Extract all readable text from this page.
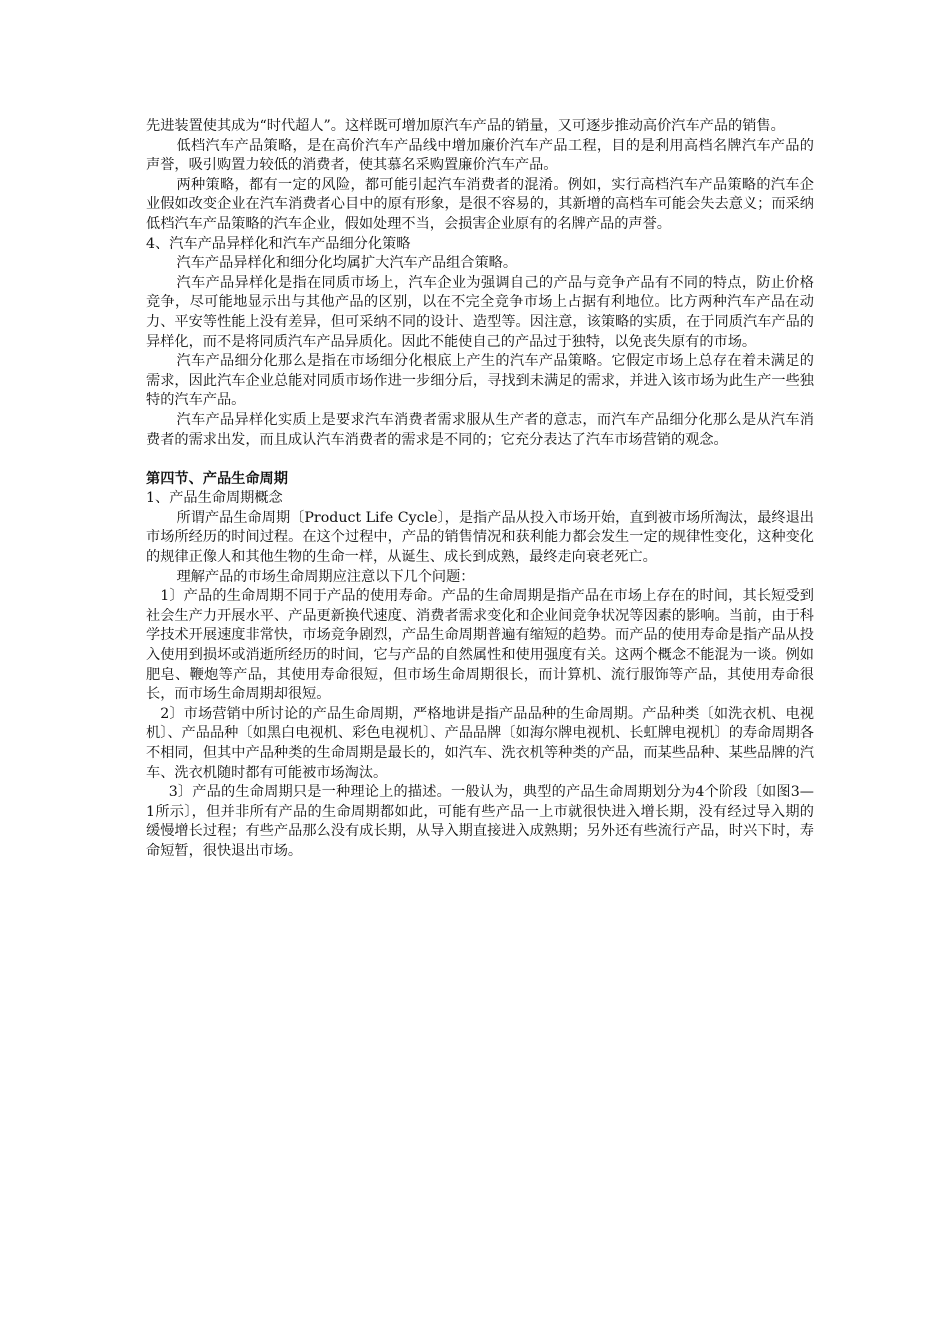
先进装置使其成为“时代超人”。这样既可增加原汽车产品的销量，又可逐步推动高价汽车产品的销售。

低档汽车产品策略，是在高价汽车产品线中增加廉价汽车产品工程，目的是利用高档名牌汽车产品的声誉，吸引购置力较低的消费者，使其慕名采购置廉价汽车产品。

两种策略，都有一定的风险，都可能引起汽车消费者的混淆。例如，实行高档汽车产品策略的汽车企业假如改变企业在汽车消费者心目中的原有形象，是很不容易的，其新增的高档车可能会失去意义；而采纳低档汽车产品策略的汽车企业，假如处理不当，会损害企业原有的名牌产品的声誉。

4、汽车产品异样化和汽车产品细分化策略

汽车产品异样化和细分化均属扩大汽车产品组合策略。

汽车产品异样化是指在同质市场上，汽车企业为强调自己的产品与竞争产品有不同的特点，防止价格竞争，尽可能地显示出与其他产品的区别，以在不完全竞争市场上占据有利地位。比方两种汽车产品在动力、平安等性能上没有差异，但可采纳不同的设计、造型等。因注意，该策略的实质，在于同质汽车产品的异样化，而不是将同质汽车产品异质化。因此不能使自己的产品过于独特，以免丧失原有的市场。

汽车产品细分化那么是指在市场细分化根底上产生的汽车产品策略。它假定市场上总存在着未满足的需求，因此汽车企业总能对同质市场作进一步细分后，寻找到未满足的需求，并进入该市场为此生产一些独特的汽车产品。

汽车产品异样化实质上是要求汽车消费者需求服从生产者的意志，而汽车产品细分化那么是从汽车消费者的需求出发，而且成认汽车消费者的需求是不同的；它充分表达了汽车市场营销的观念。

第四节、产品生命周期

1、产品生命周期概念

所谓产品生命周期〔Product Life Cycle〕，是指产品从投入市场开始，直到被市场所淘汰，最终退出市场所经历的时间过程。在这个过程中，产品的销售情况和获利能力都会发生一定的规律性变化，这种变化的规律正像人和其他生物的生命一样，从诞生、成长到成熟，最终走向衰老死亡。

理解产品的市场生命周期应注意以下几个问题：

1〕产品的生命周期不同于产品的使用寿命。产品的生命周期是指产品在市场上存在的时间，其长短受到社会生产力开展水平、产品更新换代速度、消费者需求变化和企业间竞争状况等因素的影响。当前，由于科学技术开展速度非常快，市场竞争剧烈，产品生命周期普遍有缩短的趋势。而产品的使用寿命是指产品从投入使用到损坏或消逝所经历的时间，它与产品的自然属性和使用强度有关。这两个概念不能混为一谈。例如肥皂、鞭炮等产品，其使用寿命很短，但市场生命周期很长，而计算机、流行服饰等产品，其使用寿命很长，而市场生命周期却很短。

2〕市场营销中所讨论的产品生命周期，严格地讲是指产品品种的生命周期。产品种类〔如洗衣机、电视机〕、产品品种〔如黑白电视机、彩色电视机〕、产品品牌〔如海尔牌电视机、长虹牌电视机〕的寿命周期各不相同，但其中产品种类的生命周期是最长的，如汽车、洗衣机等种类的产品，而某些品种、某些品牌的汽车、洗衣机随时都有可能被市场淘汰。

3〕产品的生命周期只是一种理论上的描述。一般认为，典型的产品生命周期划分为4个阶段〔如图3—1所示〕，但并非所有产品的生命周期都如此，可能有些产品一上市就很快进入增长期，没有经过导入期的缓慢增长过程；有些产品那么没有成长期，从导入期直接进入成熟期；另外还有些流行产品，时兴下时，寿命短暂，很快退出市场。
